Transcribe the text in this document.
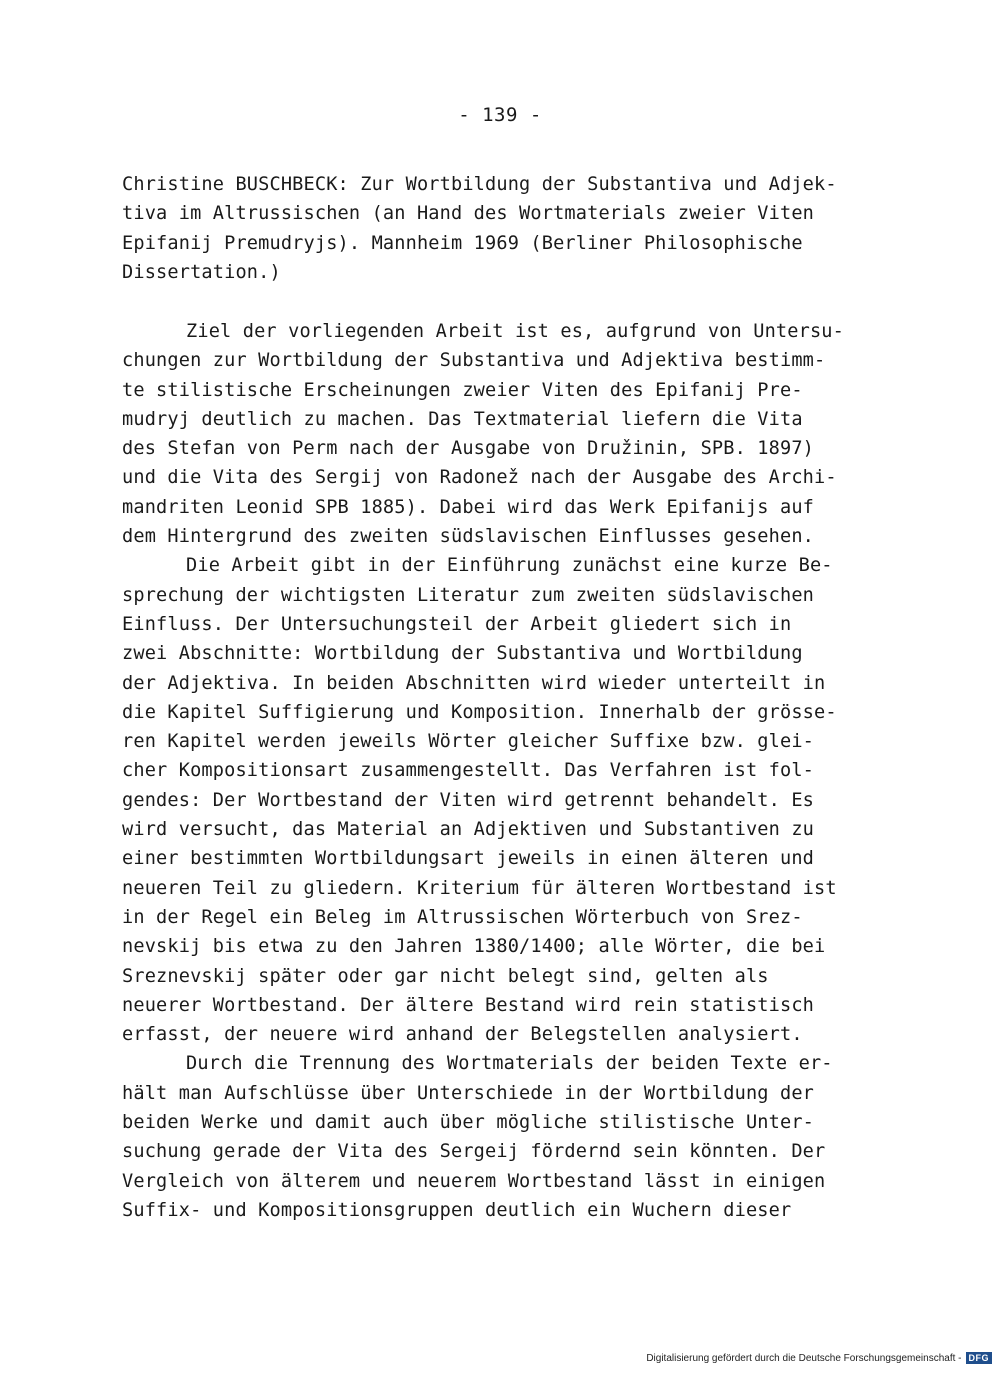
- 139 -
Christine BUSCHBECK: Zur Wortbildung der Substantiva und Adjek-
tiva im Altrussischen (an Hand des Wortmaterials zweier Viten
Epifanij Premudryjs). Mannheim 1969 (Berliner Philosophische
Dissertation.)
Ziel der vorliegenden Arbeit ist es, aufgrund von Untersu-
chungen zur Wortbildung der Substantiva und Adjektiva bestimm-
te stilistische Erscheinungen zweier Viten des Epifanij Pre-
mudryj deutlich zu machen. Das Textmaterial liefern die Vita
des Stefan von Perm nach der Ausgabe von Družinin, SPB. 1897)
und die Vita des Sergij von Radonež nach der Ausgabe des Archi-
mandriten Leonid SPB 1885). Dabei wird das Werk Epifanijs auf
dem Hintergrund des zweiten südslavischen Einflusses gesehen.
Die Arbeit gibt in der Einführung zunächst eine kurze Be-
sprechung der wichtigsten Literatur zum zweiten südslavischen
Einfluss. Der Untersuchungsteil der Arbeit gliedert sich in
zwei Abschnitte: Wortbildung der Substantiva und Wortbildung
der Adjektiva. In beiden Abschnitten wird wieder unterteilt in
die Kapitel Suffigierung und Komposition. Innerhalb der grösse-
ren Kapitel werden jeweils Wörter gleicher Suffixe bzw. glei-
cher Kompositionsart zusammengestellt. Das Verfahren ist fol-
gendes: Der Wortbestand der Viten wird getrennt behandelt. Es
wird versucht, das Material an Adjektiven und Substantiven zu
einer bestimmten Wortbildungsart jeweils in einen älteren und
neueren Teil zu gliedern. Kriterium für älteren Wortbestand ist
in der Regel ein Beleg im Altrussischen Wörterbuch von Srez-
nevskij bis etwa zu den Jahren 1380/1400; alle Wörter, die bei
Sreznevskij später oder gar nicht belegt sind, gelten als
neuerer Wortbestand. Der ältere Bestand wird rein statistisch
erfasst, der neuere wird anhand der Belegstellen analysiert.
Durch die Trennung des Wortmaterials der beiden Texte er-
hält man Aufschlüsse über Unterschiede in der Wortbildung der
beiden Werke und damit auch über mögliche stilistische Unter-
suchung gerade der Vita des Sergeij fördernd sein könnten. Der
Vergleich von älterem und neuerem Wortbestand lässt in einigen
Suffix- und Kompositionsgruppen deutlich ein Wuchern dieser
Digitalisierung gefördert durch die Deutsche Forschungsgemeinschaft - DFG
